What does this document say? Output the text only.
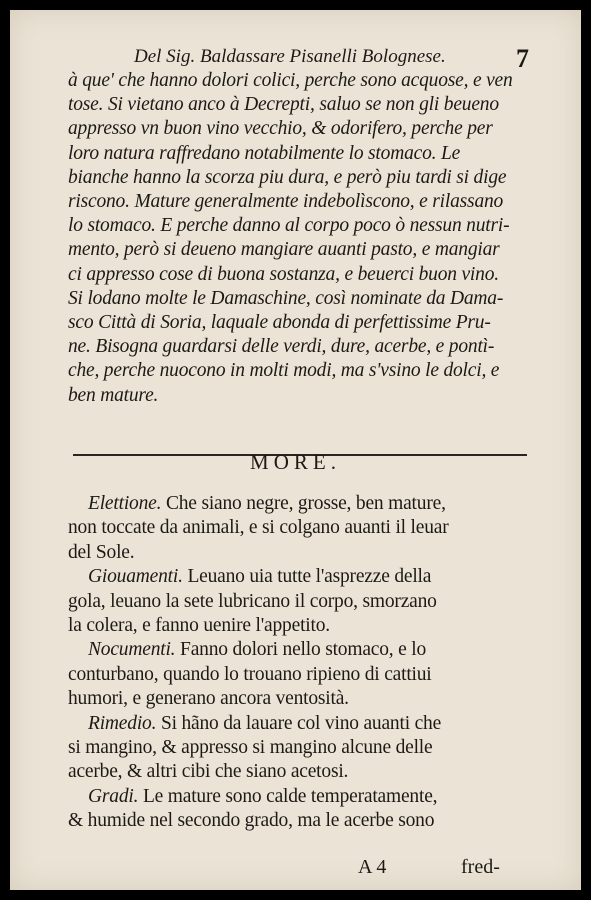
Del Sig. Baldassare Pisanelli Bolognese.	7
à que' che hanno dolori colici, perche sono acquose, e ven
tose. Si vietano anco à Decrepti, saluo se non gli beueno
appresso vn buon vino vecchio, & odorifero, perche per
loro natura raffredano notabilmente lo stomaco. Le
bianche hanno la scorza piu dura, e però piu tardi si dige
riscono. Mature generalmente indebolìscono, e rilassano
lo stomaco. E perche danno al corpo poco ò nessun nutri-
mento, però si deueno mangiare auanti pasto, e mangiar
ci appresso cose di buona sostanza, e beuerci buon vino.
Si lodano molte le Damaschine, così nominate da Dama-
sco Città di Soria, laquale abonda di perfettissime Pru-
ne. Bisogna guardarsi delle verdi, dure, acerbe, e pontì-
che, perche nuocono in molti modi, ma s'vsino le dolci, e
ben mature.
MORE.
Elettione. Che siano negre, grosse, ben mature,
non toccate da animali, e si colgano auanti il leuar
del Sole.
Giouamenti. Leuano uia tutte l'asprezze della
gola, leuano la sete lubricano il corpo, smorzano
la colera, e fanno uenire l'appetito.
Nocumenti. Fanno dolori nello stomaco, e lo
conturbano, quando lo trouano ripieno di cattiui
humori, e generano ancora ventosità.
Rimedio. Si hãno da lauare col vino auanti che
si mangino, & appresso si mangino alcune delle
acerbe, & altri cibi che siano acetosi.
Gradi. Le mature sono calde temperatamente,
& humide nel secondo grado, ma le acerbe sono
A 4	fred-
